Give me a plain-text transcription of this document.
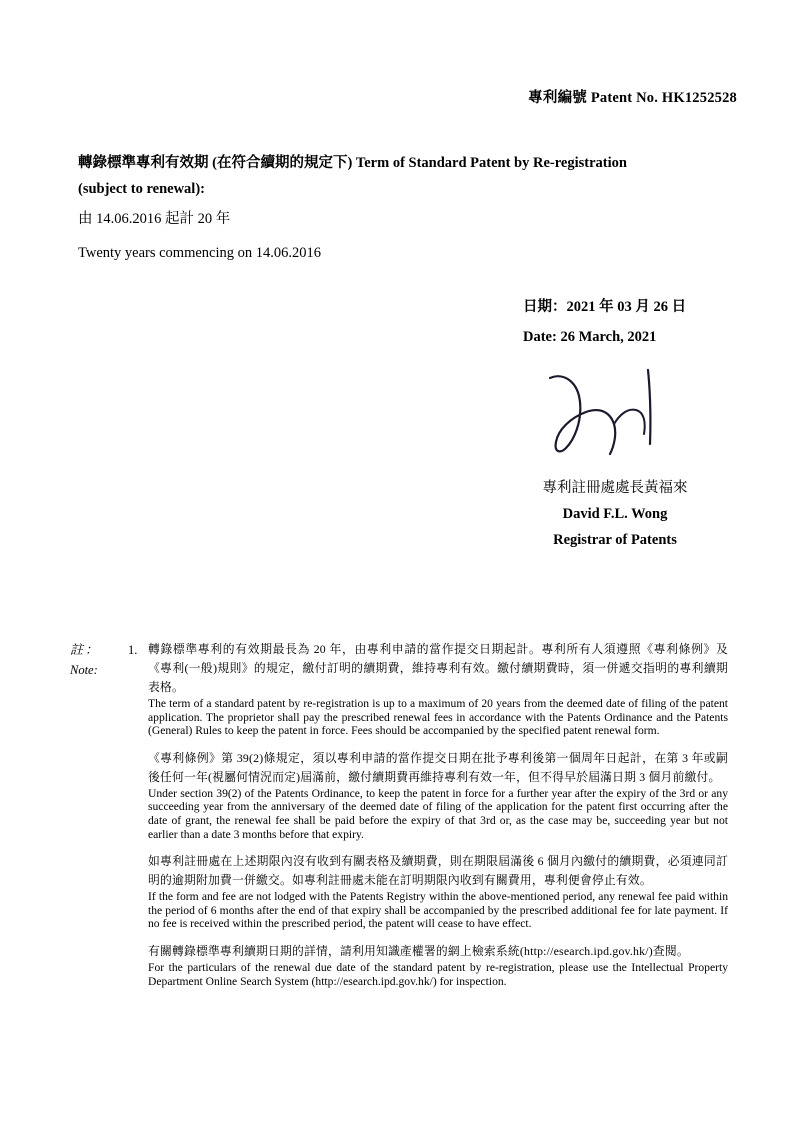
專利編號 Patent No. HK1252528
轉錄標準專利有效期 (在符合續期的規定下) Term of Standard Patent by Re-registration
(subject to renewal):
由 14.06.2016 起計 20 年
Twenty years commencing on 14.06.2016
日期：2021 年 03 月 26 日
Date: 26 March, 2021
專利註冊處處長黃福來
David F.L. Wong
Registrar of Patents
註：
Note:
1. 轉錄標準專利的有效期最長為 20 年，由專利申請的當作提交日期起計。專利所有人須遵照《專利條例》及《專利(一般)規則》的規定，繳付訂明的續期費，維持專利有效。繳付續期費時，須一併遞交指明的專利續期表格。
The term of a standard patent by re-registration is up to a maximum of 20 years from the deemed date of filing of the patent application. The proprietor shall pay the prescribed renewal fees in accordance with the Patents Ordinance and the Patents (General) Rules to keep the patent in force. Fees should be accompanied by the specified patent renewal form.
《專利條例》第 39(2)條規定，須以專利申請的當作提交日期在批予專利後第一個周年日起計，在第 3 年或嗣後任何一年(視屬何情況而定)屆滿前，繳付續期費再維持專利有效一年，但不得早於屆滿日期 3 個月前繳付。
Under section 39(2) of the Patents Ordinance, to keep the patent in force for a further year after the expiry of the 3rd or any succeeding year from the anniversary of the deemed date of filing of the application for the patent first occurring after the date of grant, the renewal fee shall be paid before the expiry of that 3rd or, as the case may be, succeeding year but not earlier than a date 3 months before that expiry.
如專利註冊處在上述期限內沒有收到有關表格及續期費，則在期限屆滿後 6 個月內繳付的續期費，必須連同訂明的逾期附加費一併繳交。如專利註冊處未能在訂明期限內收到有關費用，專利便會停止有效。
If the form and fee are not lodged with the Patents Registry within the above-mentioned period, any renewal fee paid within the period of 6 months after the end of that expiry shall be accompanied by the prescribed additional fee for late payment. If no fee is received within the prescribed period, the patent will cease to have effect.
有關轉錄標準專利續期日期的詳情，請利用知識產權署的網上檢索系統(http://esearch.ipd.gov.hk/)查閱。
For the particulars of the renewal due date of the standard patent by re-registration, please use the Intellectual Property Department Online Search System (http://esearch.ipd.gov.hk/) for inspection.
